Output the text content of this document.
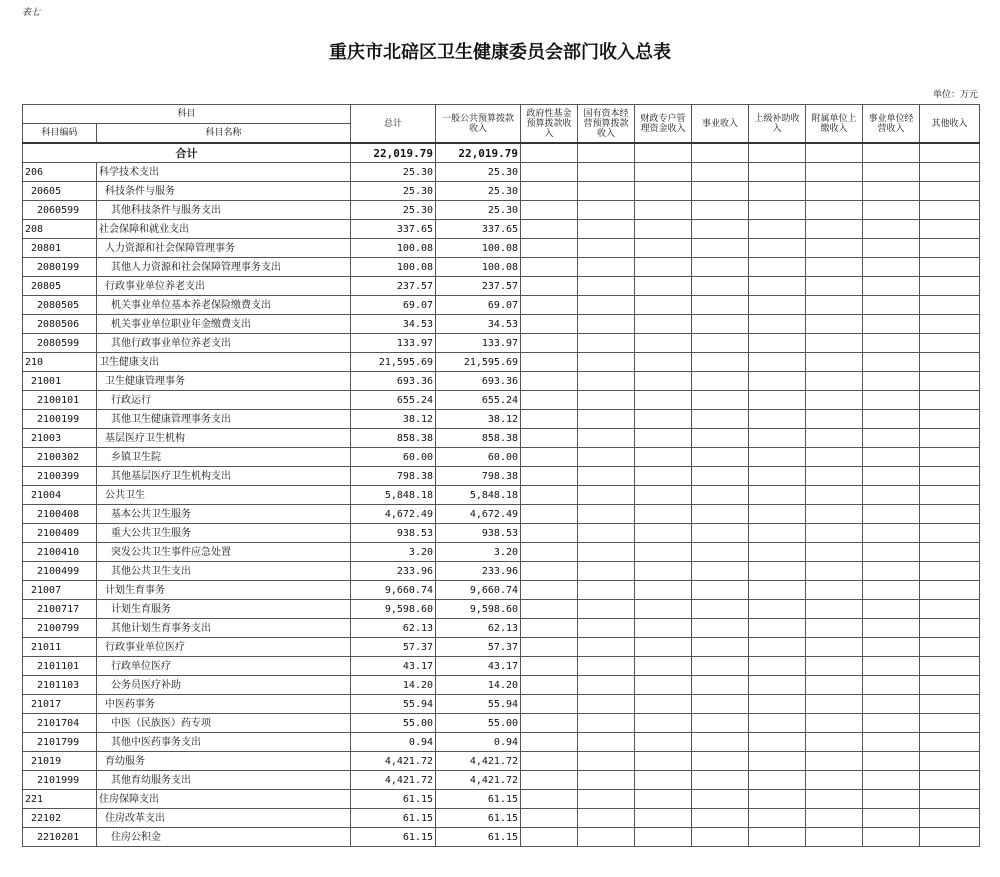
表七
重庆市北碚区卫生健康委员会部门收入总表
单位：万元
科目		总计	一般公共预算拨款收入	政府性基金预算拨款收入	国有资本经营预算拨款收入	财政专户管理资金收入	事业收入	上级补助收入	附属单位上缴收入	事业单位经营收入	其他收入
科目编码	科目名称										
合计		22,019.79	22,019.79								
206	科学技术支出	25.30	25.30								
20605	科技条件与服务	25.30	25.30								
2060599	其他科技条件与服务支出	25.30	25.30								
208	社会保障和就业支出	337.65	337.65								
20801	人力资源和社会保障管理事务	100.08	100.08								
2080199	其他人力资源和社会保障管理事务支出	100.08	100.08								
20805	行政事业单位养老支出	237.57	237.57								
2080505	机关事业单位基本养老保险缴费支出	69.07	69.07								
2080506	机关事业单位职业年金缴费支出	34.53	34.53								
2080599	其他行政事业单位养老支出	133.97	133.97								
210	卫生健康支出	21,595.69	21,595.69								
21001	卫生健康管理事务	693.36	693.36								
2100101	行政运行	655.24	655.24								
2100199	其他卫生健康管理事务支出	38.12	38.12								
21003	基层医疗卫生机构	858.38	858.38								
2100302	乡镇卫生院	60.00	60.00								
2100399	其他基层医疗卫生机构支出	798.38	798.38								
21004	公共卫生	5,848.18	5,848.18								
2100408	基本公共卫生服务	4,672.49	4,672.49								
2100409	重大公共卫生服务	938.53	938.53								
2100410	突发公共卫生事件应急处置	3.20	3.20								
2100499	其他公共卫生支出	233.96	233.96								
21007	计划生育事务	9,660.74	9,660.74								
2100717	计划生育服务	9,598.60	9,598.60								
2100799	其他计划生育事务支出	62.13	62.13								
21011	行政事业单位医疗	57.37	57.37								
2101101	行政单位医疗	43.17	43.17								
2101103	公务员医疗补助	14.20	14.20								
21017	中医药事务	55.94	55.94								
2101704	中医（民族医）药专项	55.00	55.00								
2101799	其他中医药事务支出	0.94	0.94								
21019	育幼服务	4,421.72	4,421.72								
2101999	其他育幼服务支出	4,421.72	4,421.72								
221	住房保障支出	61.15	61.15								
22102	住房改革支出	61.15	61.15								
2210201	住房公积金	61.15	61.15								
